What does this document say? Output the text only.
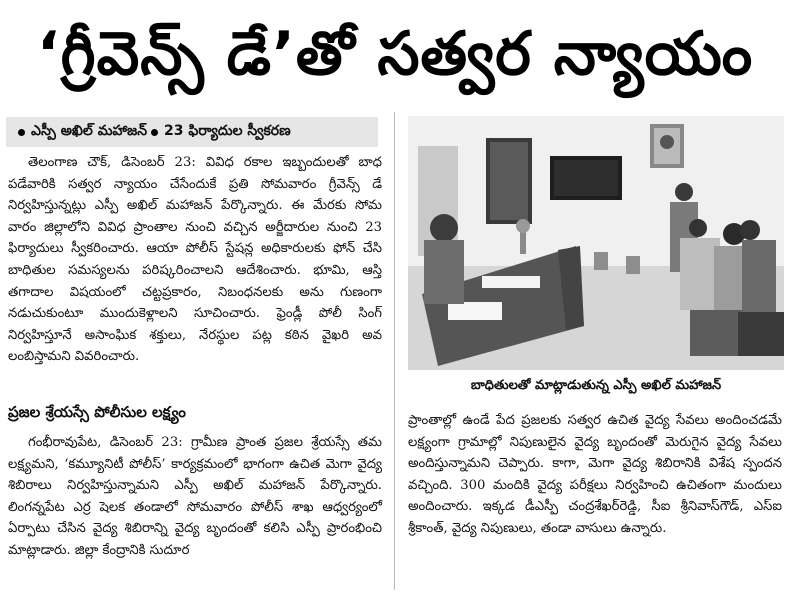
‘గ్రీవెన్స్ డే’తో సత్వర న్యాయం
ఎస్పీ అఖిల్ మహాజన్ 23 ఫిర్యాదుల స్వీకరణ
తెలంగాణ చౌక్, డిసెంబర్ 23: వివిధ రకాల ఇబ్బందులతో బాధ పడేవారికి సత్వర న్యాయం చేసేందుకే ప్రతి సోమవారం గ్రీవెన్స్ డే నిర్వహిస్తున్నట్లు ఎస్పీ అఖిల్ మహాజన్ పేర్కొన్నారు. ఈ మేరకు సోమ వారం జిల్లాలోని వివిధ ప్రాంతాల నుంచి వచ్చిన అర్జీదారుల నుంచి 23 ఫిర్యాదులు స్వీకరించారు. ఆయా పోలీస్ స్టేషన్ల అధికారులకు ఫోన్ చేసి బాధితుల సమస్యలను పరిష్కరించాలని ఆదేశించారు. భూమి, ఆస్తి తగాదాల విషయంలో చట్టప్రకారం, నిబంధనలకు అను గుణంగా నడుచుకుంటూ ముందుకెళ్లాలని సూచించారు. ఫ్రెండ్లీ పోలీ సింగ్ నిర్వహిస్తూనే అసాంఘిక శక్తులు, నేరస్థుల పట్ల కఠిన వైఖరి అవ లంబిస్తామని వివరించారు.
ప్రజల శ్రేయస్సే పోలీసుల లక్ష్యం
గంభీరావుపేట, డిసెంబర్ 23: గ్రామీణ ప్రాంత ప్రజల శ్రేయస్సే తమ లక్ష్యమని, ‘కమ్యూనిటీ పోలీస్’ కార్యక్రమంలో భాగంగా ఉచిత మెగా వైద్య శిబిరాలు నిర్వహిస్తున్నామని ఎస్పీ అఖిల్ మహాజన్ పేర్కొన్నారు. లింగన్నపేట ఎర్ర షెలక తండాలో సోమవారం పోలీస్ శాఖ ఆధ్వర్యంలో ఏర్పాటు చేసిన వైద్య శిబిరాన్ని వైద్య బృందంతో కలిసి ఎస్పీ ప్రారంభించి మాట్లాడారు. జిల్లా కేంద్రానికి సుదూర
బాధితులతో మాట్లాడుతున్న ఎస్పీ అఖిల్ మహాజన్
ప్రాంతాల్లో ఉండే పేద ప్రజలకు సత్వర ఉచిత వైద్య సేవలు అందించడమే లక్ష్యంగా గ్రామాల్లో నిపుణులైన వైద్య బృందంతో మెరుగైన వైద్య సేవలు అందిస్తున్నామని చెప్పారు. కాగా, మెగా వైద్య శిబిరానికి విశేష స్పందన వచ్చింది. 300 మందికి వైద్య పరీక్షలు నిర్వహించి ఉచితంగా మందులు అందించారు. ఇక్కడ డీఎస్పీ చంద్రశేఖర్‌రెడ్డి, సీఐ శ్రీనివాస్‌గౌడ్, ఎస్ఐ శ్రీకాంత్, వైద్య నిపుణులు, తండా వాసులు ఉన్నారు.
